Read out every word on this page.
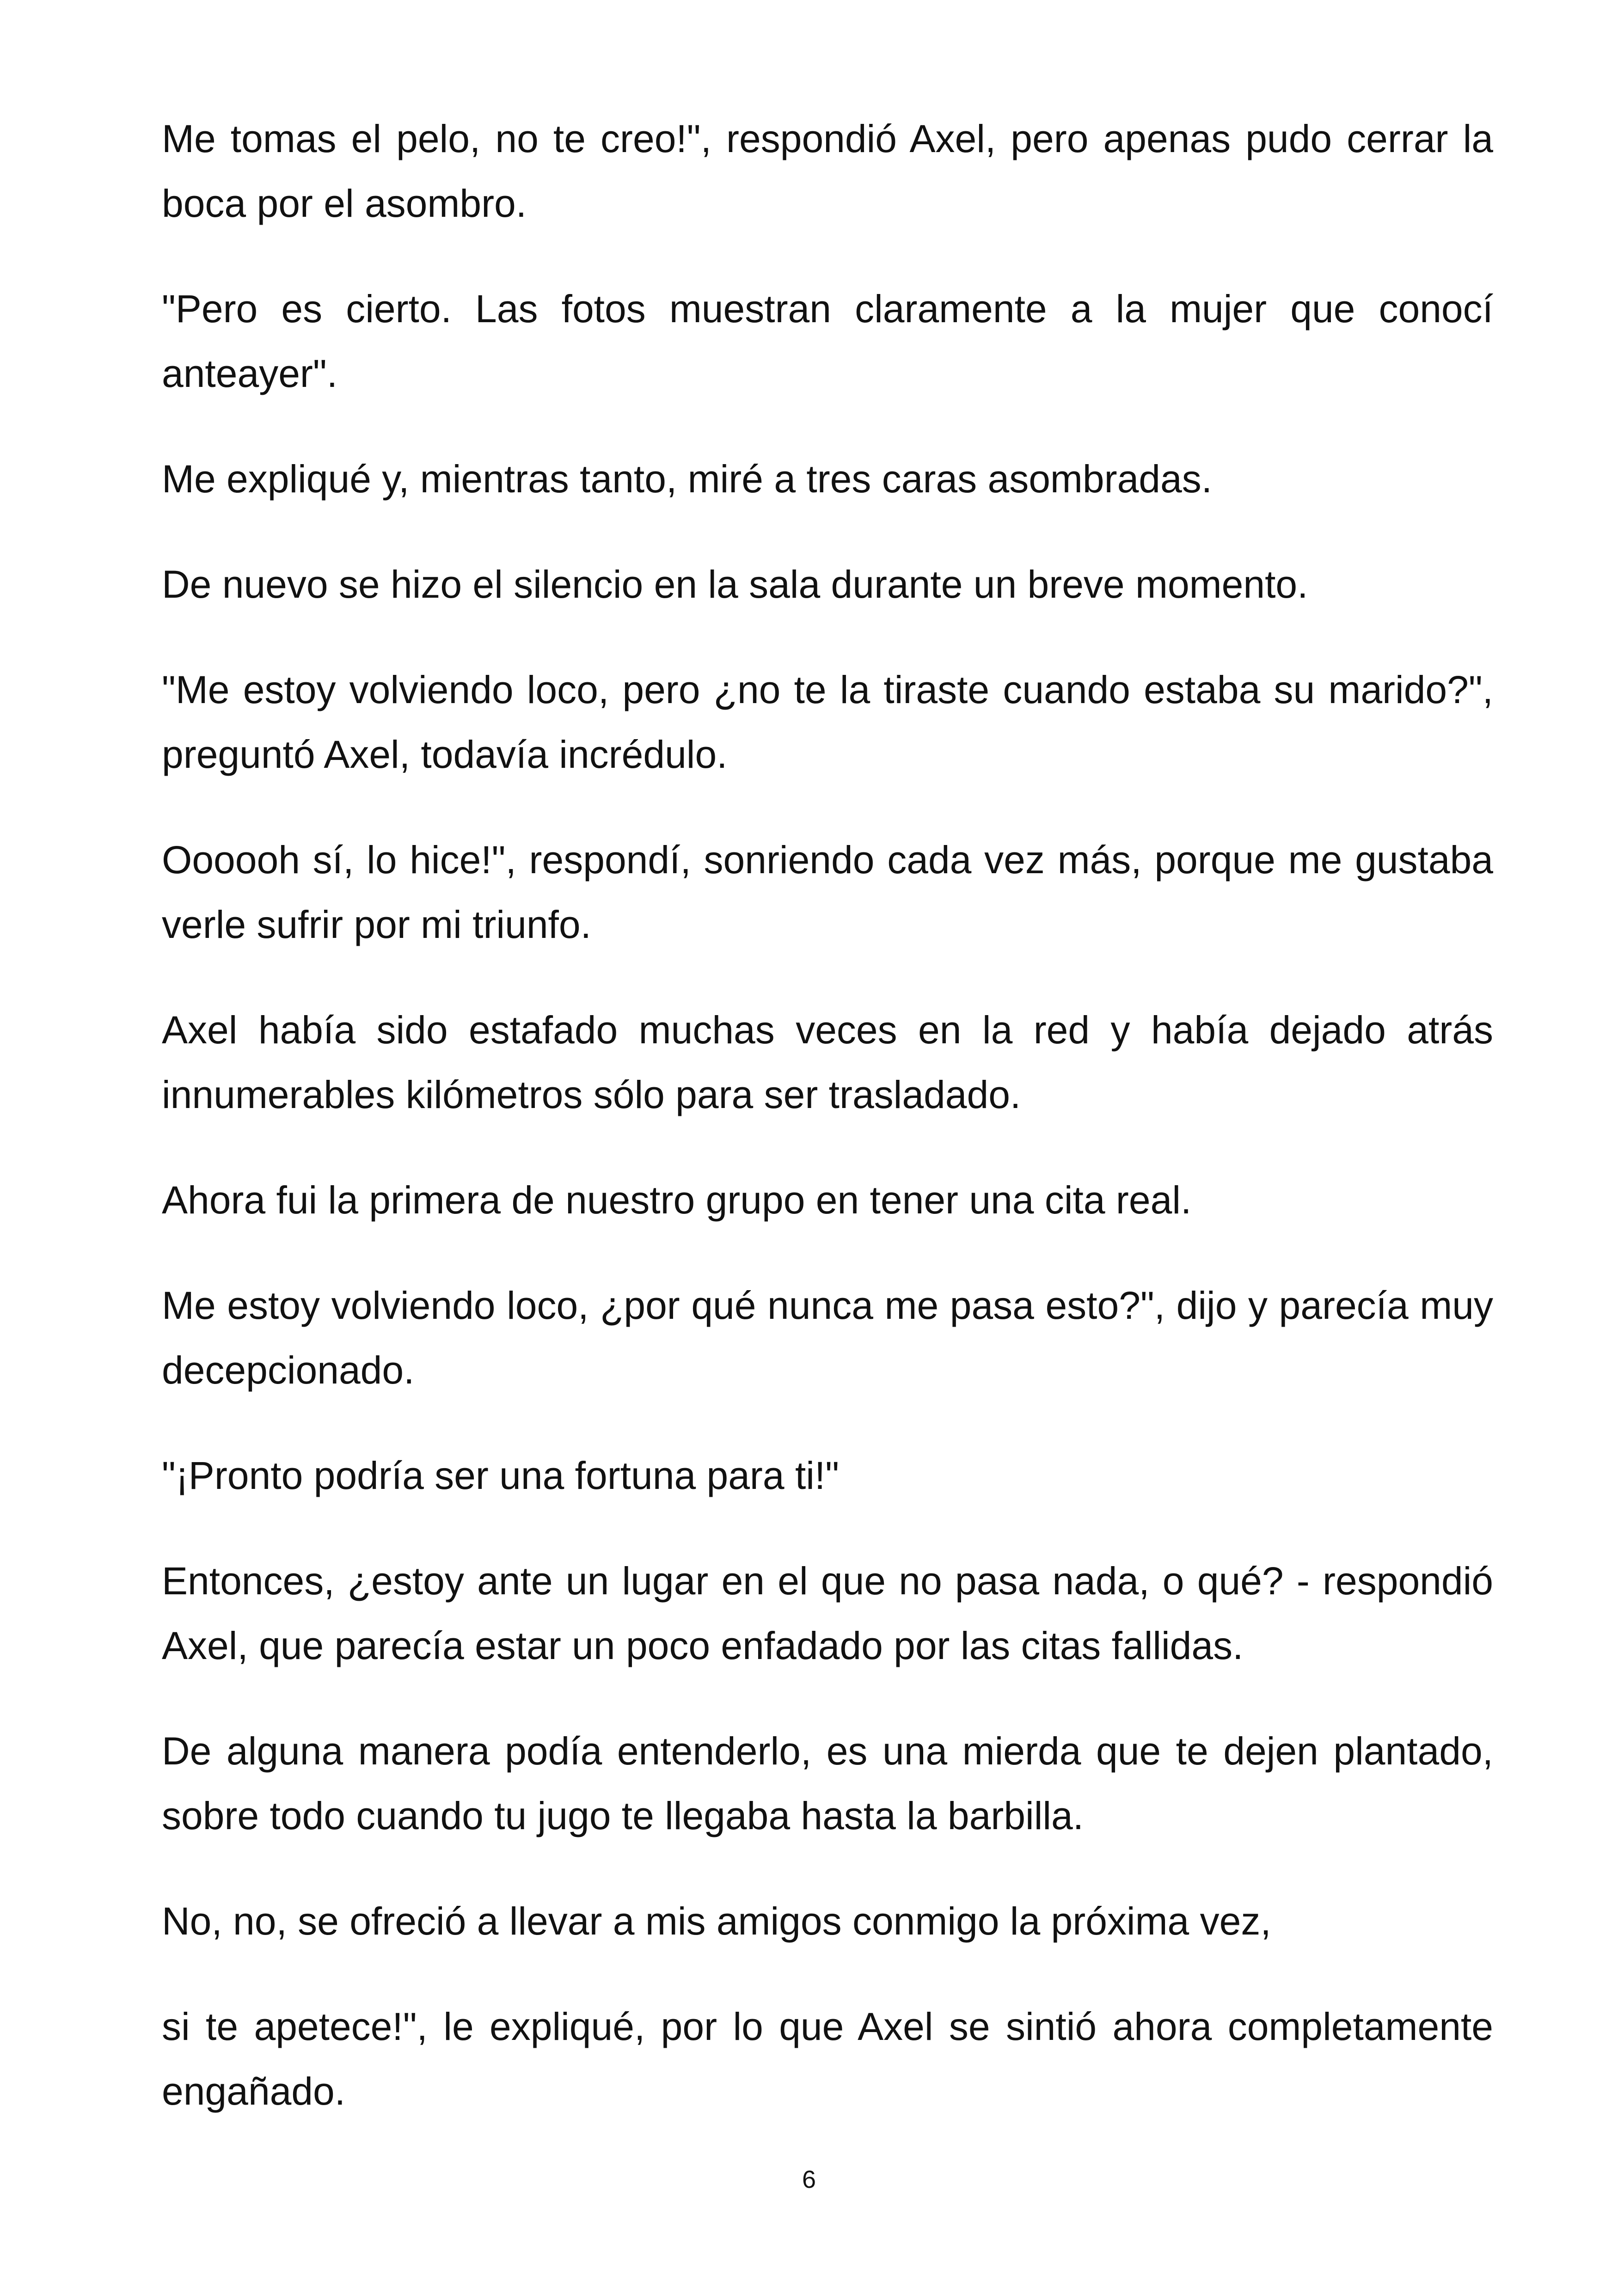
Me tomas el pelo, no te creo!", respondió Axel, pero apenas pudo cerrar la boca por el asombro.

"Pero es cierto. Las fotos muestran claramente a la mujer que conocí anteayer".

Me expliqué y, mientras tanto, miré a tres caras asombradas.

De nuevo se hizo el silencio en la sala durante un breve momento.

"Me estoy volviendo loco, pero ¿no te la tiraste cuando estaba su marido?", preguntó Axel, todavía incrédulo.

Oooooh sí, lo hice!", respondí, sonriendo cada vez más, porque me gustaba verle sufrir por mi triunfo.

Axel había sido estafado muchas veces en la red y había dejado atrás innumerables kilómetros sólo para ser trasladado.

Ahora fui la primera de nuestro grupo en tener una cita real.

Me estoy volviendo loco, ¿por qué nunca me pasa esto?", dijo y parecía muy decepcionado.

"¡Pronto podría ser una fortuna para ti!"

Entonces, ¿estoy ante un lugar en el que no pasa nada, o qué? - respondió Axel, que parecía estar un poco enfadado por las citas fallidas.

De alguna manera podía entenderlo, es una mierda que te dejen plantado, sobre todo cuando tu jugo te llegaba hasta la barbilla.

No, no, se ofreció a llevar a mis amigos conmigo la próxima vez,

si te apetece!", le expliqué, por lo que Axel se sintió ahora completamente engañado.

6
